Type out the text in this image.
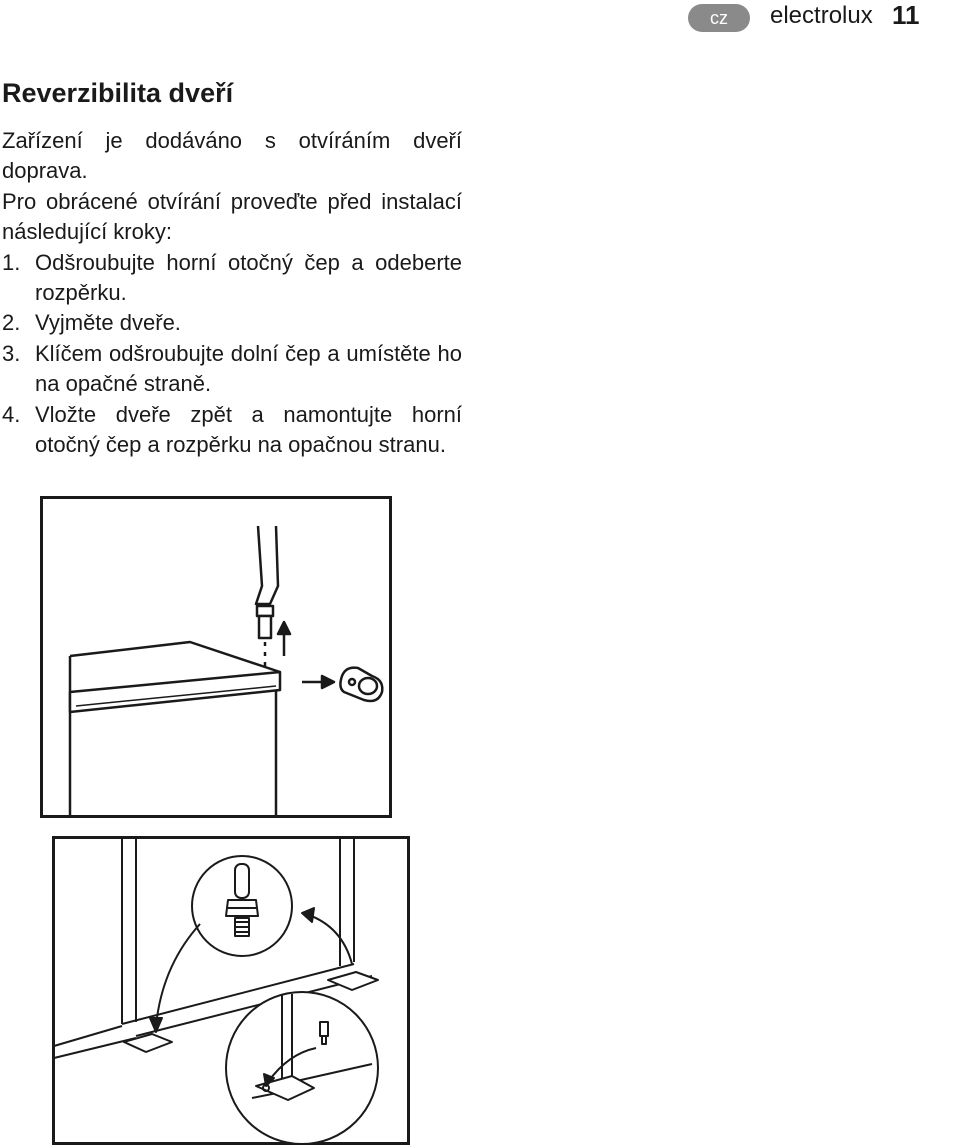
cz	electrolux 11
Reverzibilita dveří

Zařízení je dodáváno s otvíráním dveří doprava.

Pro obrácené otvírání proveďte před instalací následující kroky:

1. Odšroubujte horní otočný čep a odeberte rozpěrku.
2. Vyjměte dveře.
3. Klíčem odšroubujte dolní čep a umístěte ho na opačné straně.
4. Vložte dveře zpět a namontujte horní otočný čep a rozpěrku na opačnou stranu.
